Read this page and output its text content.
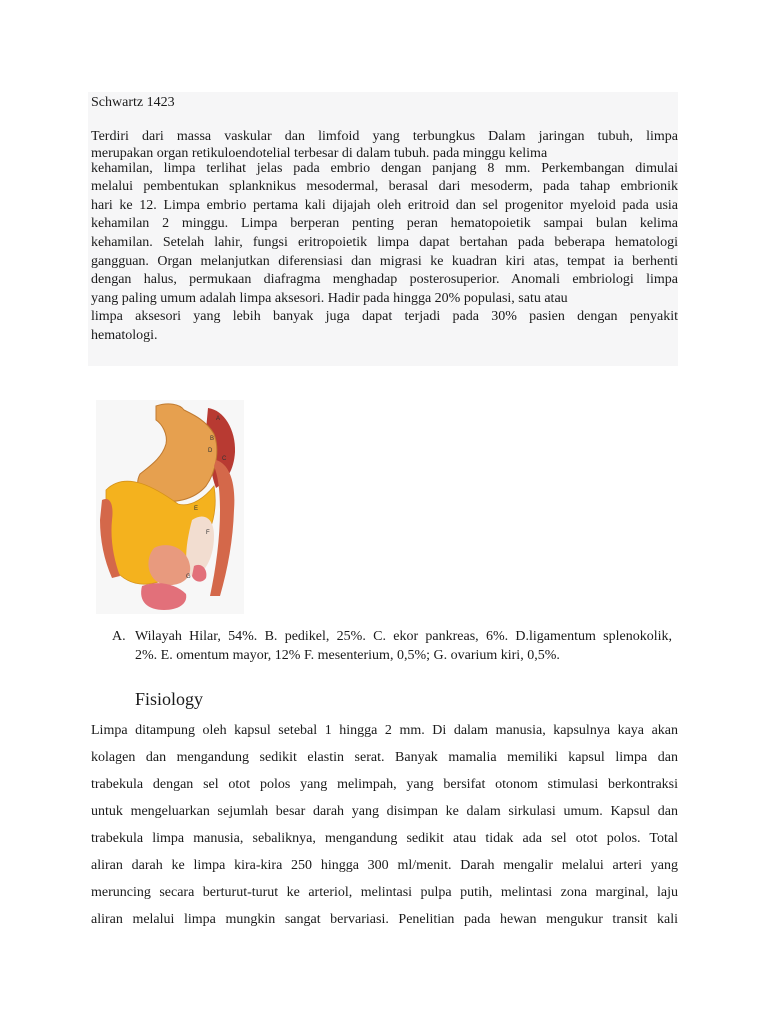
Schwartz 1423
Terdiri dari massa vaskular dan limfoid yang terbungkus Dalam jaringan tubuh, limpa
merupakan organ retikuloendotelial terbesar di dalam tubuh. pada minggu kelima
kehamilan, limpa terlihat jelas pada embrio dengan panjang 8 mm. Perkembangan dimulai
melalui pembentukan splanknikus mesodermal, berasal dari mesoderm, pada tahap embrionik
hari ke 12. Limpa embrio pertama kali dijajah oleh eritroid dan sel progenitor myeloid pada usia
kehamilan 2 minggu. Limpa berperan penting peran hematopoietik sampai bulan kelima
kehamilan. Setelah lahir, fungsi eritropoietik limpa dapat bertahan pada beberapa hematologi
gangguan. Organ melanjutkan diferensiasi dan migrasi ke kuadran kiri atas, tempat ia berhenti
dengan halus, permukaan diafragma menghadap posterosuperior. Anomali embriologi limpa
yang paling umum adalah limpa aksesori. Hadir pada hingga 20% populasi, satu atau
limpa aksesori yang lebih banyak juga dapat terjadi pada 30% pasien dengan penyakit
hematologi.
A
B
C
D
E
F
G
A. Wilayah Hilar, 54%. B. pedikel, 25%. C. ekor pankreas, 6%. D.ligamentum splenokolik,
2%. E. omentum mayor, 12% F. mesenterium, 0,5%; G. ovarium kiri, 0,5%.
Fisiology
Limpa ditampung oleh kapsul setebal 1 hingga 2 mm. Di dalam manusia, kapsulnya kaya akan
kolagen dan mengandung sedikit elastin serat. Banyak mamalia memiliki kapsul limpa dan
trabekula dengan sel otot polos yang melimpah, yang bersifat otonom stimulasi berkontraksi
untuk mengeluarkan sejumlah besar darah yang disimpan ke dalam sirkulasi umum. Kapsul dan
trabekula limpa manusia, sebaliknya, mengandung sedikit atau tidak ada sel otot polos. Total
aliran darah ke limpa kira-kira 250 hingga 300 ml/menit. Darah mengalir melalui arteri yang
meruncing secara berturut-turut ke arteriol, melintasi pulpa putih, melintasi zona marginal, laju
aliran melalui limpa mungkin sangat bervariasi. Penelitian pada hewan mengukur transit kali
